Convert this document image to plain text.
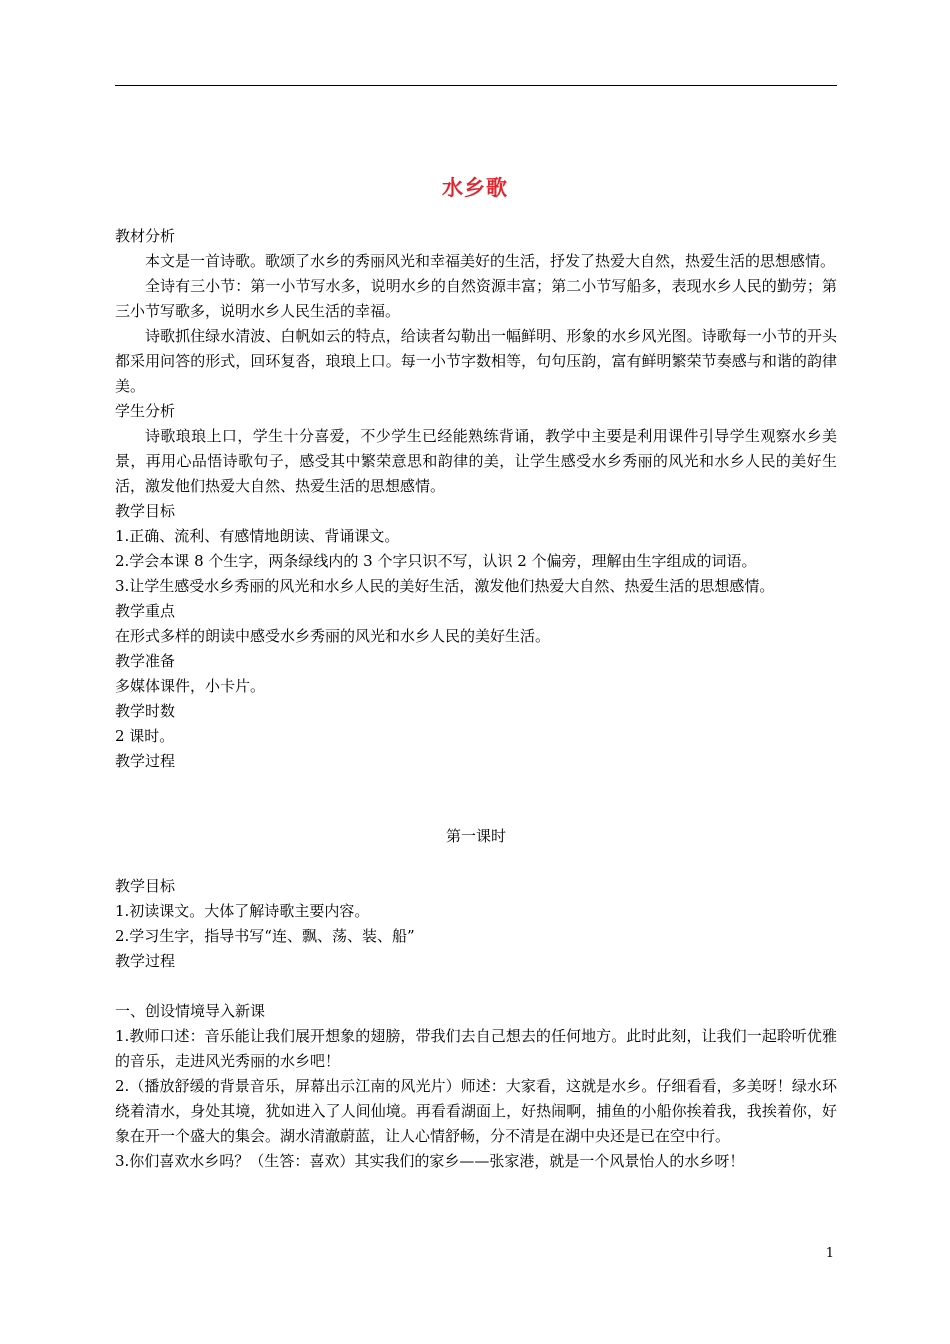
水乡歌
教材分析
本文是一首诗歌。歌颂了水乡的秀丽风光和幸福美好的生活，抒发了热爱大自然，热爱生活的思想感情。
全诗有三小节：第一小节写水多，说明水乡的自然资源丰富；第二小节写船多，表现水乡人民的勤劳；第三小节写歌多，说明水乡人民生活的幸福。
诗歌抓住绿水清波、白帆如云的特点，给读者勾勒出一幅鲜明、形象的水乡风光图。诗歌每一小节的开头都采用问答的形式，回环复沓，琅琅上口。每一小节字数相等，句句压韵，富有鲜明繁荣节奏感与和谐的韵律美。
学生分析
诗歌琅琅上口，学生十分喜爱，不少学生已经能熟练背诵，教学中主要是利用课件引导学生观察水乡美景，再用心品悟诗歌句子，感受其中繁荣意思和韵律的美，让学生感受水乡秀丽的风光和水乡人民的美好生活，激发他们热爱大自然、热爱生活的思想感情。
教学目标
1.正确、流利、有感情地朗读、背诵课文。
2.学会本课 8 个生字，两条绿线内的 3 个字只识不写，认识 2 个偏旁，理解由生字组成的词语。
3.让学生感受水乡秀丽的风光和水乡人民的美好生活，激发他们热爱大自然、热爱生活的思想感情。
教学重点
在形式多样的朗读中感受水乡秀丽的风光和水乡人民的美好生活。
教学准备
多媒体课件，小卡片。
教学时数
2 课时。
教学过程
第一课时
教学目标
1.初读课文。大体了解诗歌主要内容。
2.学习生字，指导书写“连、飘、荡、装、船”
教学过程
一、创设情境导入新课
1.教师口述：音乐能让我们展开想象的翅膀，带我们去自己想去的任何地方。此时此刻，让我们一起聆听优雅的音乐，走进风光秀丽的水乡吧！
2.（播放舒缓的背景音乐，屏幕出示江南的风光片）师述：大家看，这就是水乡。仔细看看，多美呀！绿水环绕着清水，身处其境，犹如进入了人间仙境。再看看湖面上，好热闹啊，捕鱼的小船你挨着我，我挨着你，好象在开一个盛大的集会。湖水清澈蔚蓝，让人心情舒畅，分不清是在湖中央还是已在空中行。
3.你们喜欢水乡吗？（生答：喜欢）其实我们的家乡——张家港，就是一个风景怡人的水乡呀！
1
